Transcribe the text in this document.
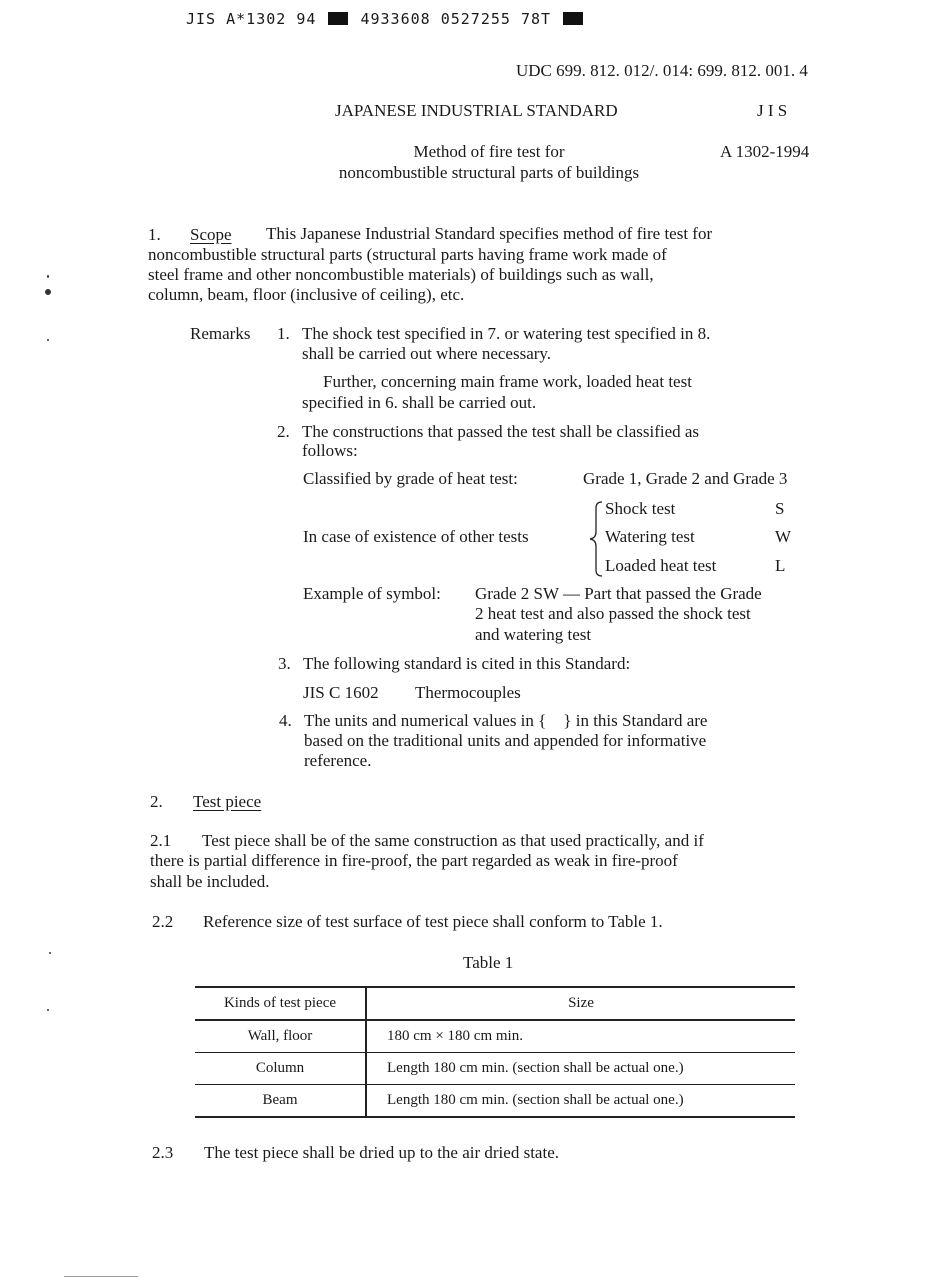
JIS A*1302 94	4933608 0527255 78T
UDC 699. 812. 012/. 014: 699. 812. 001. 4
JAPANESE INDUSTRIAL STANDARD	J I S
Method of fire test for
noncombustible structural parts of buildings
A 1302-1994
1. Scope This Japanese Industrial Standard specifies method of fire test for
noncombustible structural parts (structural parts having frame work made of
steel frame and other noncombustible materials) of buildings such as wall,
column, beam, floor (inclusive of ceiling), etc.
Remarks 1. The shock test specified in 7. or watering test specified in 8.
shall be carried out where necessary.
Further, concerning main frame work, loaded heat test
specified in 6. shall be carried out.
2. The constructions that passed the test shall be classified as
follows:
Classified by grade of heat test:	Grade 1, Grade 2 and Grade 3
In case of existence of other tests
Shock test	S
Watering test	W
Loaded heat test	L
Example of symbol: Grade 2 SW — Part that passed the Grade
2 heat test and also passed the shock test
and watering test
3. The following standard is cited in this Standard:
JIS C 1602 Thermocouples
4. The units and numerical values in {    } in this Standard are
based on the traditional units and appended for informative
reference.
2. Test piece
2.1 Test piece shall be of the same construction as that used practically, and if
there is partial difference in fire-proof, the part regarded as weak in fire-proof
shall be included.
2.2 Reference size of test surface of test piece shall conform to Table 1.
Table 1
Kinds of test piece	Size
Wall, floor	180 cm × 180 cm min.
Column	Length 180 cm min. (section shall be actual one.)
Beam	Length 180 cm min. (section shall be actual one.)
2.3 The test piece shall be dried up to the air dried state.
